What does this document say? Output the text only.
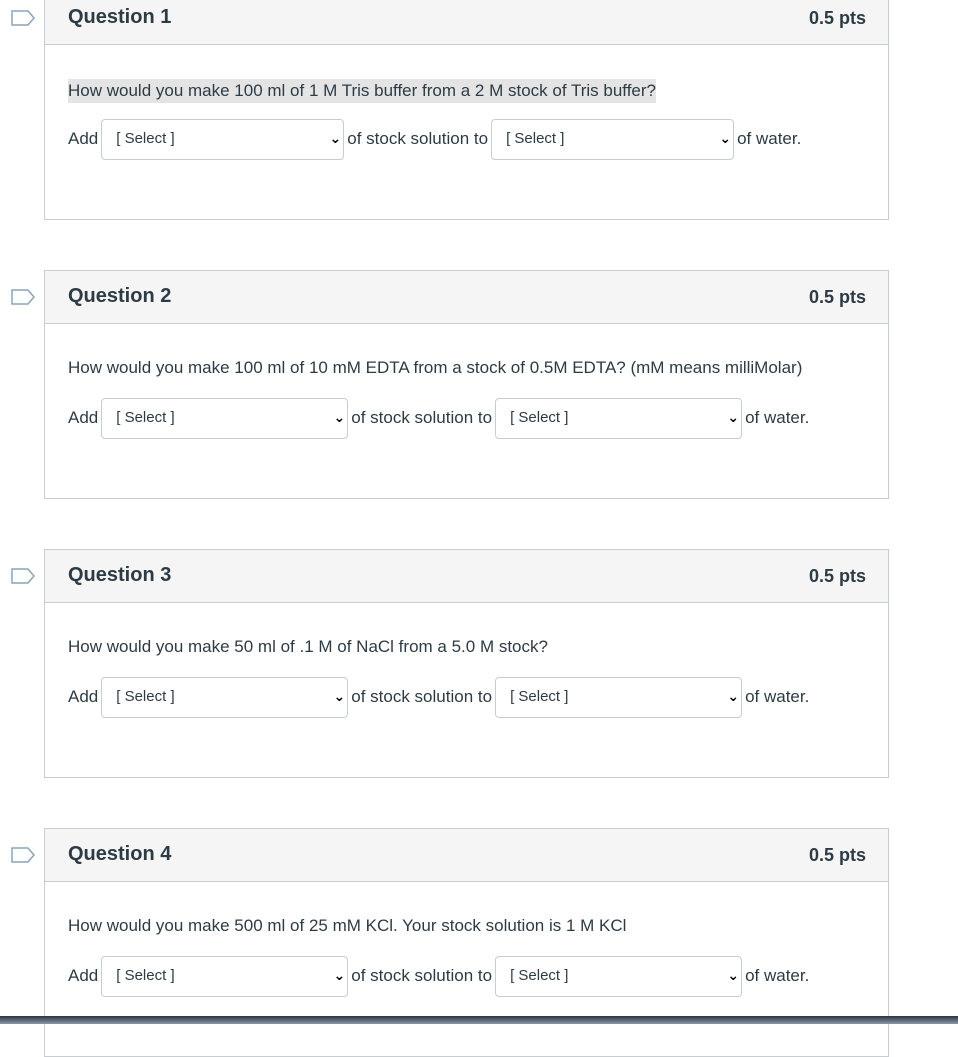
Question 1	0.5 pts
How would you make 100 ml of 1 M Tris buffer from a 2 M stock of Tris buffer?
Add [ Select ]	⌄ of stock solution to [ Select ]	⌄ of water.
Question 2	0.5 pts
How would you make 100 ml of 10 mM EDTA from a stock of 0.5M EDTA? (mM means milliMolar)
Add [ Select ]	⌄ of stock solution to [ Select ]	⌄ of water.
Question 3	0.5 pts
How would you make 50 ml of .1 M of NaCl from a 5.0 M stock?
Add [ Select ]	⌄ of stock solution to [ Select ]	⌄ of water.
Question 4	0.5 pts
How would you make 500 ml of 25 mM KCl. Your stock solution is 1 M KCl
Add [ Select ]	⌄ of stock solution to [ Select ]	⌄ of water.
